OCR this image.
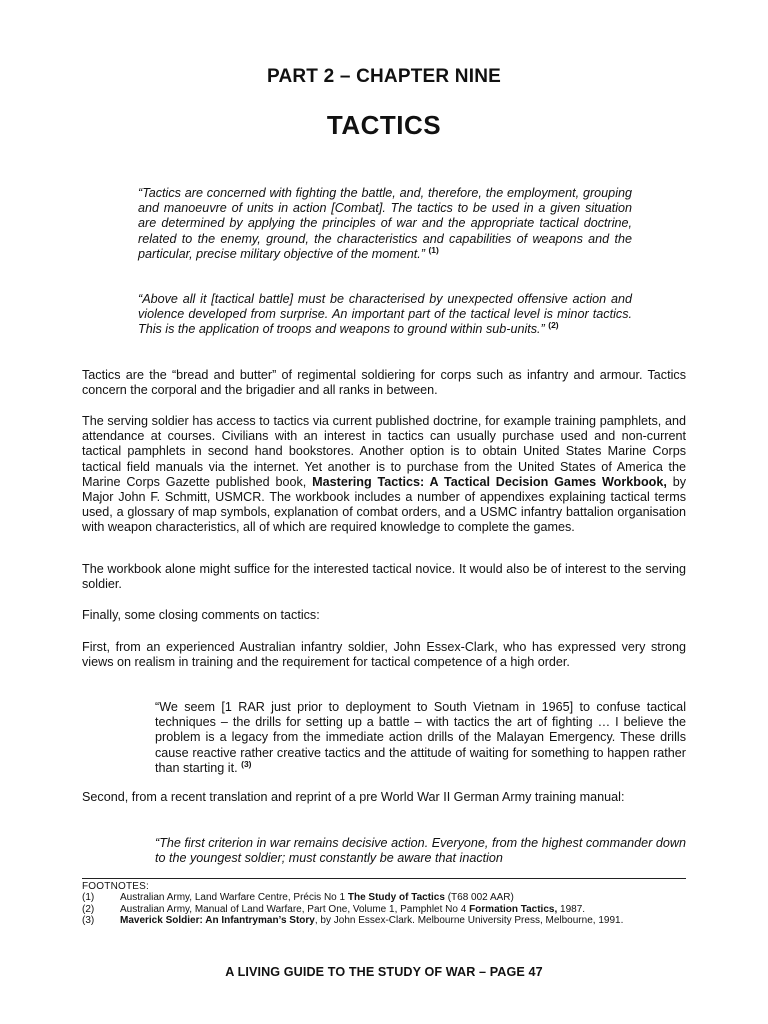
PART 2 – CHAPTER NINE
TACTICS

“Tactics are concerned with fighting the battle, and, therefore, the employment, grouping and manoeuvre of units in action [Combat]. The tactics to be used in a given situation are determined by applying the principles of war and the appropriate tactical doctrine, related to the enemy, ground, the characteristics and capabilities of weapons and the particular, precise military objective of the moment.” $^{(1)}$

“Above all it [tactical battle] must be characterised by unexpected offensive action and violence developed from surprise. An important part of the tactical level is minor tactics. This is the application of troops and weapons to ground within sub-units.” $^{(2)}$

Tactics are the “bread and butter” of regimental soldiering for corps such as infantry and armour. Tactics concern the corporal and the brigadier and all ranks in between.

The serving soldier has access to tactics via current published doctrine, for example training pamphlets, and attendance at courses. Civilians with an interest in tactics can usually purchase used and non-current tactical pamphlets in second hand bookstores. Another option is to obtain United States Marine Corps tactical field manuals via the internet. Yet another is to purchase from the United States of America the Marine Corps Gazette published book, Mastering Tactics: A Tactical Decision Games Workbook, by Major John F. Schmitt, USMCR. The workbook includes a number of appendixes explaining tactical terms used, a glossary of map symbols, explanation of combat orders, and a USMC infantry battalion organisation with weapon characteristics, all of which are required knowledge to complete the games.

The workbook alone might suffice for the interested tactical novice. It would also be of interest to the serving soldier.

Finally, some closing comments on tactics:

First, from an experienced Australian infantry soldier, John Essex-Clark, who has expressed very strong views on realism in training and the requirement for tactical competence of a high order.

“We seem [1 RAR just prior to deployment to South Vietnam in 1965] to confuse tactical techniques – the drills for setting up a battle – with tactics the art of fighting … I believe the problem is a legacy from the immediate action drills of the Malayan Emergency. These drills cause reactive rather creative tactics and the attitude of waiting for something to happen rather than starting it. $^{(3)}$

Second, from a recent translation and reprint of a pre World War II German Army training manual:

“The first criterion in war remains decisive action. Everyone, from the highest commander down to the youngest soldier; must constantly be aware that inaction

FOOTNOTES:
(1)	Australian Army, Land Warfare Centre, Précis No 1 The Study of Tactics (T68 002 AAR)
(2)	Australian Army, Manual of Land Warfare, Part One, Volume 1, Pamphlet No 4 Formation Tactics, 1987.
(3)	Maverick Soldier: An Infantryman’s Story, by John Essex-Clark. Melbourne University Press, Melbourne, 1991.
A LIVING GUIDE TO THE STUDY OF WAR – PAGE 47
